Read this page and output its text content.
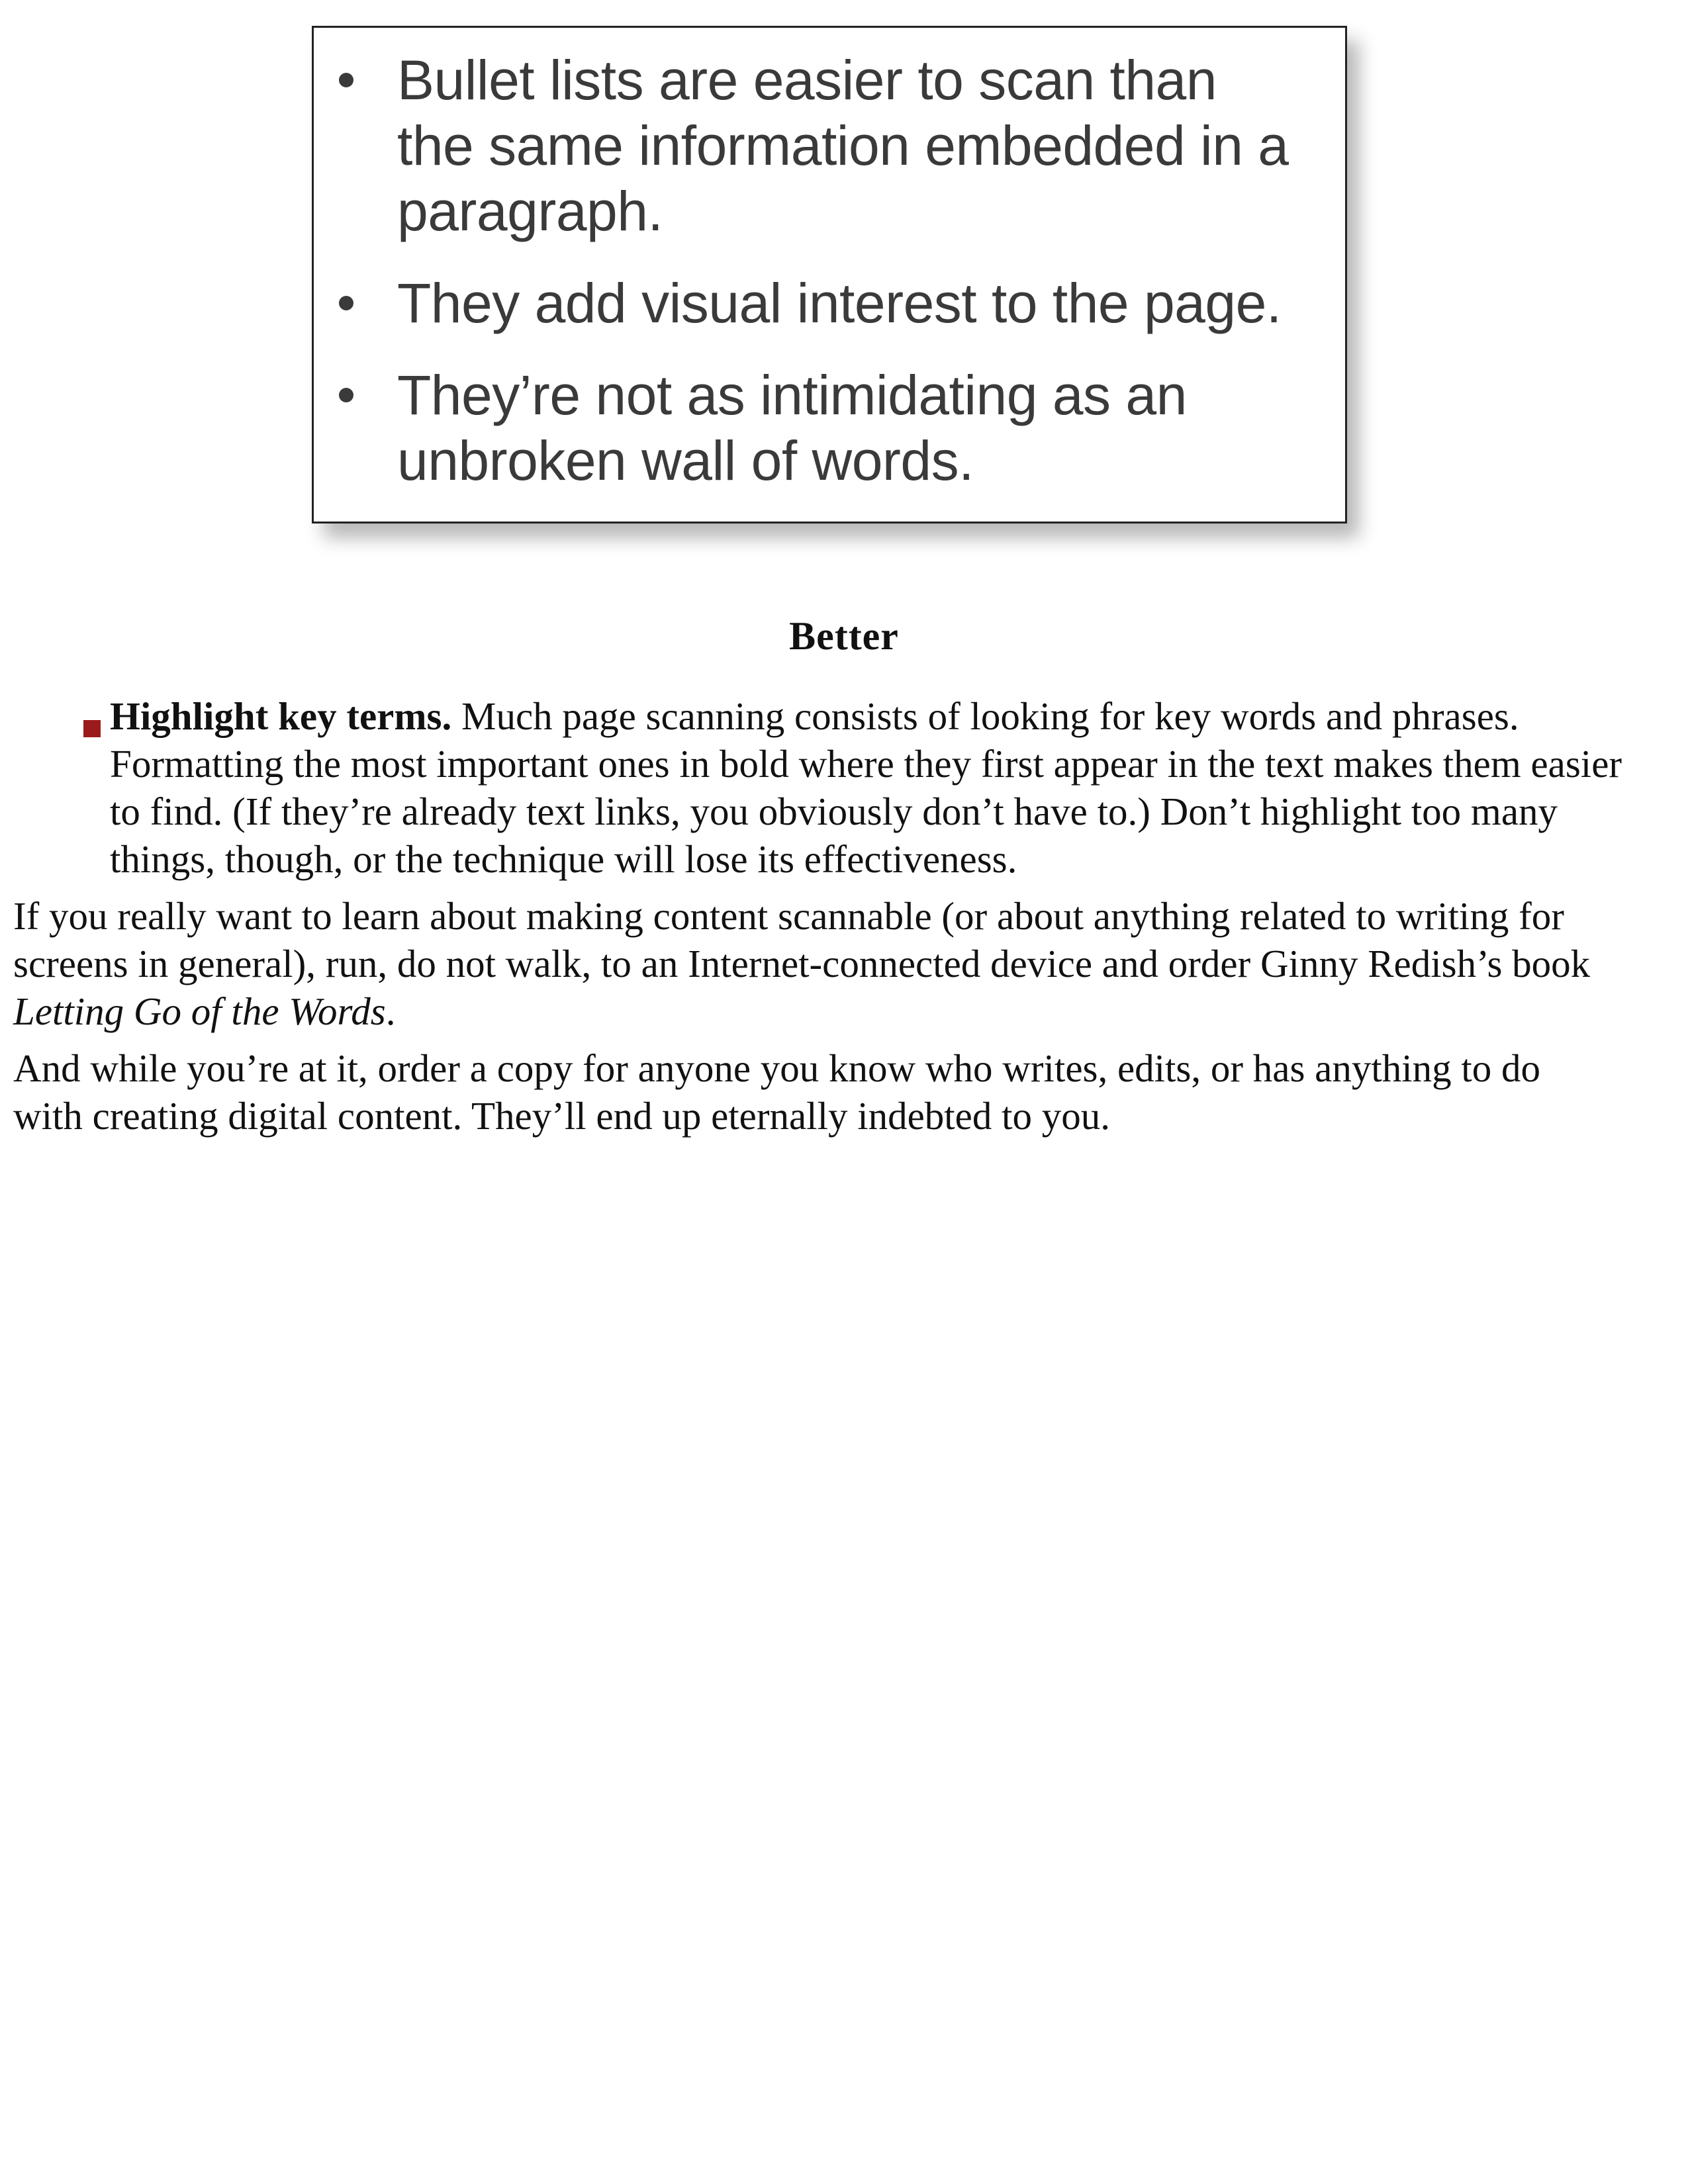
Bullet lists are easier to scan than
the same information embedded in a
paragraph.
They add visual interest to the page.
They’re not as intimidating as an
unbroken wall of words.
Better
Highlight key terms. Much page scanning consists of looking for key words and phrases.
Formatting the most important ones in bold where they first appear in the text makes them easier
to find. (If they’re already text links, you obviously don’t have to.) Don’t highlight too many
things, though, or the technique will lose its effectiveness.
If you really want to learn about making content scannable (or about anything related to writing for
screens in general), run, do not walk, to an Internet-connected device and order Ginny Redish’s book
Letting Go of the Words.
And while you’re at it, order a copy for anyone you know who writes, edits, or has anything to do
with creating digital content. They’ll end up eternally indebted to you.
